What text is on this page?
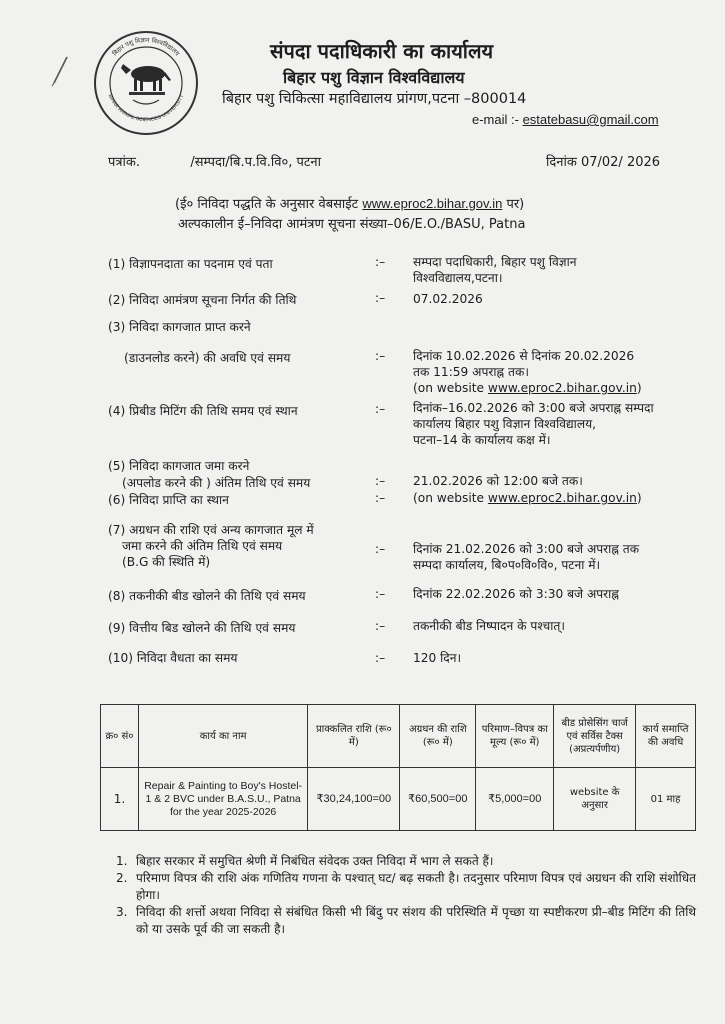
बिहार पशु विज्ञान विश्वविद्यालय
BIHAR ANIMAL SCIENCES UNIVERSITY
संपदा पदाधिकारी का कार्यालय
बिहार पशु विज्ञान विश्वविद्यालय
बिहार पशु चिकित्सा महाविद्यालय प्रांगण,पटना –800014
e-mail :- estatebasu@gmail.com
पत्रांक.	/सम्पदा/बि.प.वि.वि०, पटना	दिनांक 07/02/ 2026
(ई० निविदा पद्धति के अनुसार वेबसाईट www.eproc2.bihar.gov.in पर)
अल्पकालीन ई–निविदा आमंत्रण सूचना संख्या–06/E.O./BASU, Patna
(1) विज्ञापनदाता का पदनाम एवं पता	:– सम्पदा पदाधिकारी, बिहार पशु विज्ञान
विश्वविद्यालय,पटना।
(2) निविदा आमंत्रण सूचना निर्गत की तिथि	:– 07.02.2026
(3) निविदा कागजात प्राप्त करने
(डाउनलोड करने) की अवधि एवं समय	:– दिनांक 10.02.2026 से दिनांक 20.02.2026
तक 11:59 अपराह्न तक।
(on website www.eproc2.bihar.gov.in)
(4) प्रिबीड मिटिंग की तिथि समय एवं स्थान	:– दिनांक–16.02.2026 को 3:00 बजे अपराह्न सम्पदा
कार्यालय बिहार पशु विज्ञान विश्वविद्यालय,
पटना–14 के कार्यालय कक्ष में।
(5) निविदा कागजात जमा करने
(अपलोड करने की ) अंतिम तिथि एवं समय	:– 21.02.2026 को 12:00 बजे तक।
(6) निविदा प्राप्ति का स्थान	:– (on website www.eproc2.bihar.gov.in)
(7) अग्रधन की राशि एवं अन्य कागजात मूल में
जमा करने की अंतिम तिथि एवं समय
(B.G की स्थिति में)
:– दिनांक 21.02.2026 को 3:00 बजे अपराह्न तक
सम्पदा कार्यालय, बि०प०वि०वि०, पटना में।
(8) तकनीकी बीड खोलने की तिथि एवं समय	:– दिनांक 22.02.2026 को 3:30 बजे अपराह्न
(9) वित्तीय बिड खोलने की तिथि एवं समय	:– तकनीकी बीड निष्पादन के पश्चात्।
(10) निविदा वैधता का समय	:– 120 दिन।
क्र० सं०	कार्य का नाम	प्राक्कलित राशि (रू० में)	अग्रधन की राशि (रू० में)	परिमाण–विपत्र का मूल्य (रू० में)	बीड प्रोसेसिंग चार्ज एवं सर्विस टैक्स (अप्रत्यर्पणीय)	कार्य समाप्ति की अवधि
1.	Repair & Painting to Boy's Hostel-1 & 2 BVC under B.A.S.U., Patna for the year 2025-2026	₹30,24,100=00	₹60,500=00	₹5,000=00	website के अनुसार	01 माह
1. बिहार सरकार में समुचित श्रेणी में निबंधित संवेदक उक्त निविदा में भाग ले सकते हैं।
2. परिमाण विपत्र की राशि अंक गणितिय गणना के पश्चात् घट/ बढ़ सकती है। तदनुसार परिमाण विपत्र एवं अग्रधन की राशि संशोधित होगा।
3. निविदा की शर्त्तो अथवा निविदा से संबंधित किसी भी बिंदु पर संशय की परिस्थिति में पृच्छा या स्पष्टीकरण प्री–बीड मिटिंग की तिथि को या उसके पूर्व की जा सकती है।
